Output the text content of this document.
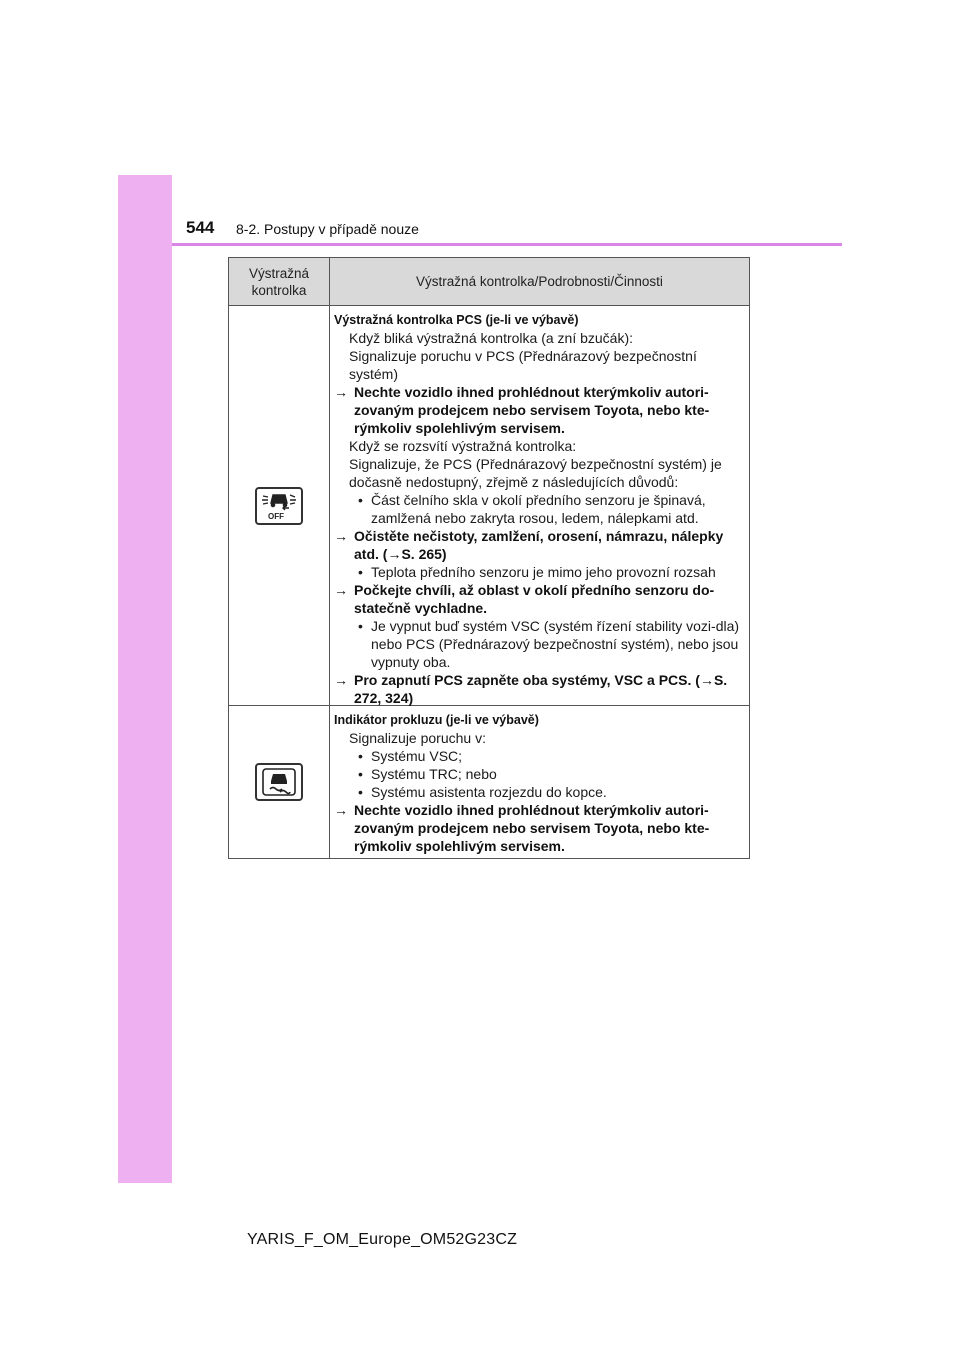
544 8-2. Postupy v případě nouze
Výstražná kontrolka
Výstražná kontrolka/Podrobnosti/Činnosti
OFF
Výstražná kontrolka PCS (je-li ve výbavě)
Když bliká výstražná kontrolka (a zní bzučák):
Signalizuje poruchu v PCS (Přednárazový bezpečnostní systém)
→ Nechte vozidlo ihned prohlédnout kterýmkoliv autori-zovaným prodejcem nebo servisem Toyota, nebo kte-rýmkoliv spolehlivým servisem.
Když se rozsvítí výstražná kontrolka:
Signalizuje, že PCS (Přednárazový bezpečnostní systém) je dočasně nedostupný, zřejmě z následujících důvodů:
• Část čelního skla v okolí předního senzoru je špinavá, zamlžená nebo zakryta rosou, ledem, nálepkami atd.
→ Očistěte nečistoty, zamlžení, orosení, námrazu, nálepky atd. (→S. 265)
• Teplota předního senzoru je mimo jeho provozní rozsah
→ Počkejte chvíli, až oblast v okolí předního senzoru do-statečně vychladne.
• Je vypnut buď systém VSC (systém řízení stability vozi-dla) nebo PCS (Přednárazový bezpečnostní systém), nebo jsou vypnuty oba.
→ Pro zapnutí PCS zapněte oba systémy, VSC a PCS. (→S. 272, 324)
Indikátor prokluzu (je-li ve výbavě)
Signalizuje poruchu v:
• Systému VSC;
• Systému TRC; nebo
• Systému asistenta rozjezdu do kopce.
→ Nechte vozidlo ihned prohlédnout kterýmkoliv autori-zovaným prodejcem nebo servisem Toyota, nebo kte-rýmkoliv spolehlivým servisem.
YARIS_F_OM_Europe_OM52G23CZ
